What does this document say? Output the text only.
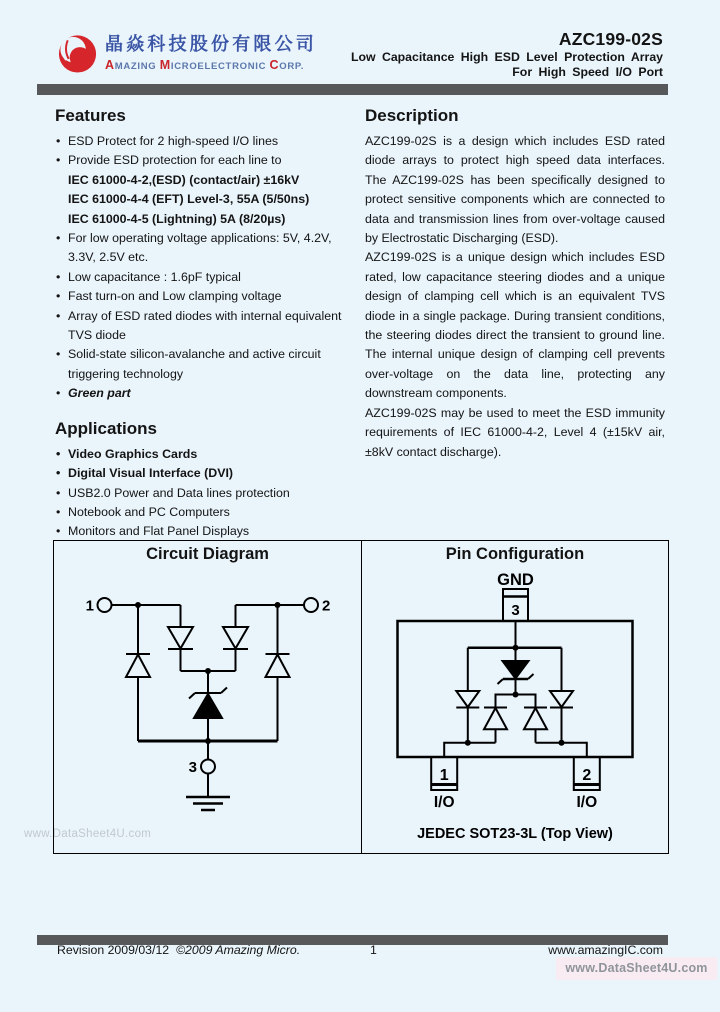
晶焱科技股份有限公司
AMAZING MICROELECTRONIC CORP.
AZC199-02S
Low Capacitance High ESD Level Protection Array
For High Speed I/O Port
Features
• ESD Protect for 2 high-speed I/O lines
• Provide ESD protection for each line to
IEC 61000-4-2,(ESD) (contact/air) ±16kV
IEC 61000-4-4 (EFT) Level-3, 55A (5/50ns)
IEC 61000-4-5 (Lightning) 5A (8/20µs)
• For low operating voltage applications: 5V, 4.2V, 3.3V, 2.5V etc.
• Low capacitance : 1.6pF typical
• Fast turn-on and Low clamping voltage
• Array of ESD rated diodes with internal equivalent TVS diode
• Solid-state silicon-avalanche and active circuit triggering technology
• Green part
Applications
• Video Graphics Cards
• Digital Visual Interface (DVI)
• USB2.0 Power and Data lines protection
• Notebook and PC Computers
• Monitors and Flat Panel Displays
Description

AZC199-02S is a design which includes ESD rated diode arrays to protect high speed data interfaces. The AZC199-02S has been specifically designed to protect sensitive components which are connected to data and transmission lines from over-voltage caused by Electrostatic Discharging (ESD).

AZC199-02S is a unique design which includes ESD rated, low capacitance steering diodes and a unique design of clamping cell which is an equivalent TVS diode in a single package. During transient conditions, the steering diodes direct the transient to ground line. The internal unique design of clamping cell prevents over-voltage on the data line, protecting any downstream components.

AZC199-02S may be used to meet the ESD immunity requirements of IEC 61000-4-2, Level 4 (±15kV air, ±8kV contact discharge).

www.DataSheet4U.com
1	2
3
Circuit Diagram
GND
3
1	2
I/O	I/O
JEDEC SOT23-3L (Top View)
Pin Configuration
Revision 2009/03/12 ©2009 Amazing Micro.	1	www.amazingIC.com
www.DataSheet4U.com
